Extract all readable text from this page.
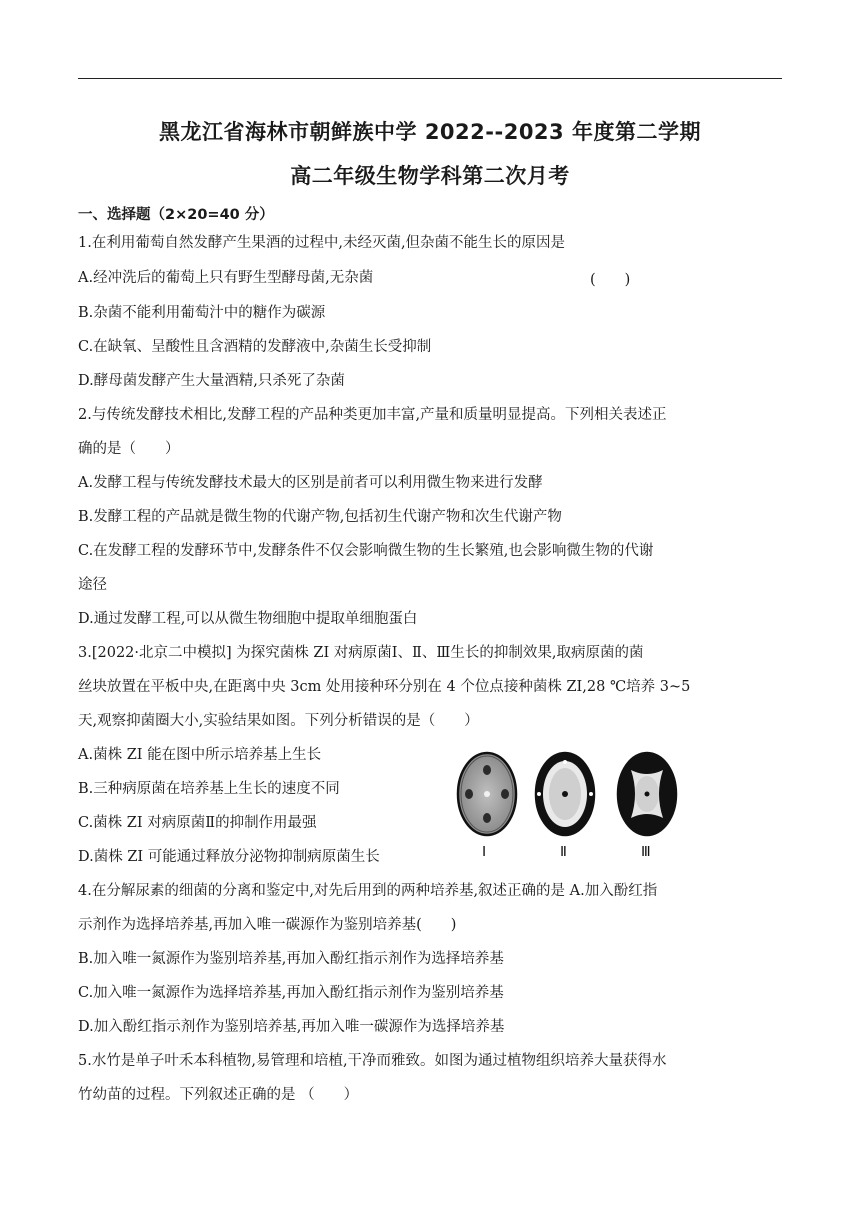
黑龙江省海林市朝鲜族中学 2022--2023 年度第二学期
高二年级生物学科第二次月考
一、选择题（2×20=40 分）
1.在利用葡萄自然发酵产生果酒的过程中,未经灭菌,但杂菌不能生长的原因是
A.经冲洗后的葡萄上只有野生型酵母菌,无杂菌	(　　)
B.杂菌不能利用葡萄汁中的糖作为碳源
C.在缺氧、呈酸性且含酒精的发酵液中,杂菌生长受抑制
D.酵母菌发酵产生大量酒精,只杀死了杂菌
2.与传统发酵技术相比,发酵工程的产品种类更加丰富,产量和质量明显提高。下列相关表述正
确的是（　　）
A.发酵工程与传统发酵技术最大的区别是前者可以利用微生物来进行发酵
B.发酵工程的产品就是微生物的代谢产物,包括初生代谢产物和次生代谢产物
C.在发酵工程的发酵环节中,发酵条件不仅会影响微生物的生长繁殖,也会影响微生物的代谢
途径
D.通过发酵工程,可以从微生物细胞中提取单细胞蛋白
3.[2022·北京二中模拟] 为探究菌株 ZI 对病原菌Ⅰ、Ⅱ、Ⅲ生长的抑制效果,取病原菌的菌
丝块放置在平板中央,在距离中央 3cm 处用接种环分别在 4 个位点接种菌株 ZI,28 ℃培养 3~5
天,观察抑菌圈大小,实验结果如图。下列分析错误的是（　　）
A.菌株 ZI 能在图中所示培养基上生长
B.三种病原菌在培养基上生长的速度不同
C.菌株 ZI 对病原菌Ⅱ的抑制作用最强
D.菌株 ZI 可能通过释放分泌物抑制病原菌生长	Ⅰ	Ⅱ	Ⅲ
4.在分解尿素的细菌的分离和鉴定中,对先后用到的两种培养基,叙述正确的是 A.加入酚红指
示剂作为选择培养基,再加入唯一碳源作为鉴别培养基(　　)
B.加入唯一氮源作为鉴别培养基,再加入酚红指示剂作为选择培养基
C.加入唯一氮源作为选择培养基,再加入酚红指示剂作为鉴别培养基
D.加入酚红指示剂作为鉴别培养基,再加入唯一碳源作为选择培养基
5.水竹是单子叶禾本科植物,易管理和培植,干净而雅致。如图为通过植物组织培养大量获得水
竹幼苗的过程。下列叙述正确的是 （　　）
